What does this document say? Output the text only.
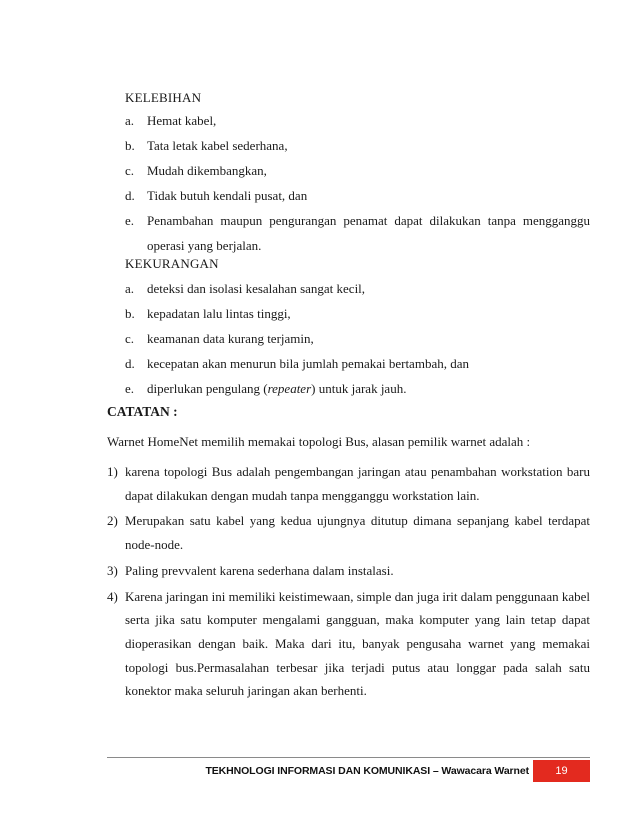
KELEBIHAN
a. Hemat kabel,
b. Tata letak kabel sederhana,
c. Mudah dikembangkan,
d. Tidak butuh kendali pusat, dan
e. Penambahan maupun pengurangan penamat dapat dilakukan tanpa mengganggu operasi yang berjalan.
KEKURANGAN
a. deteksi dan isolasi kesalahan sangat kecil,
b. kepadatan lalu lintas tinggi,
c. keamanan data kurang terjamin,
d. kecepatan akan menurun bila jumlah pemakai bertambah, dan
e. diperlukan pengulang (repeater) untuk jarak jauh.
CATATAN :
Warnet HomeNet memilih memakai topologi Bus, alasan pemilik warnet adalah :
1) karena topologi Bus adalah pengembangan jaringan atau penambahan workstation baru dapat dilakukan dengan mudah tanpa mengganggu workstation lain.
2) Merupakan satu kabel yang kedua ujungnya ditutup dimana sepanjang kabel terdapat node-node.
3) Paling prevvalent karena sederhana dalam instalasi.
4) Karena jaringan ini memiliki keistimewaan, simple dan juga irit dalam penggunaan kabel serta jika satu komputer mengalami gangguan, maka komputer yang lain tetap dapat dioperasikan dengan baik. Maka dari itu, banyak pengusaha warnet yang memakai topologi bus.Permasalahan terbesar jika terjadi putus atau longgar pada salah satu konektor maka seluruh jaringan akan berhenti.
TEKHNOLOGI INFORMASI DAN KOMUNIKASI – Wawacara Warnet	19
